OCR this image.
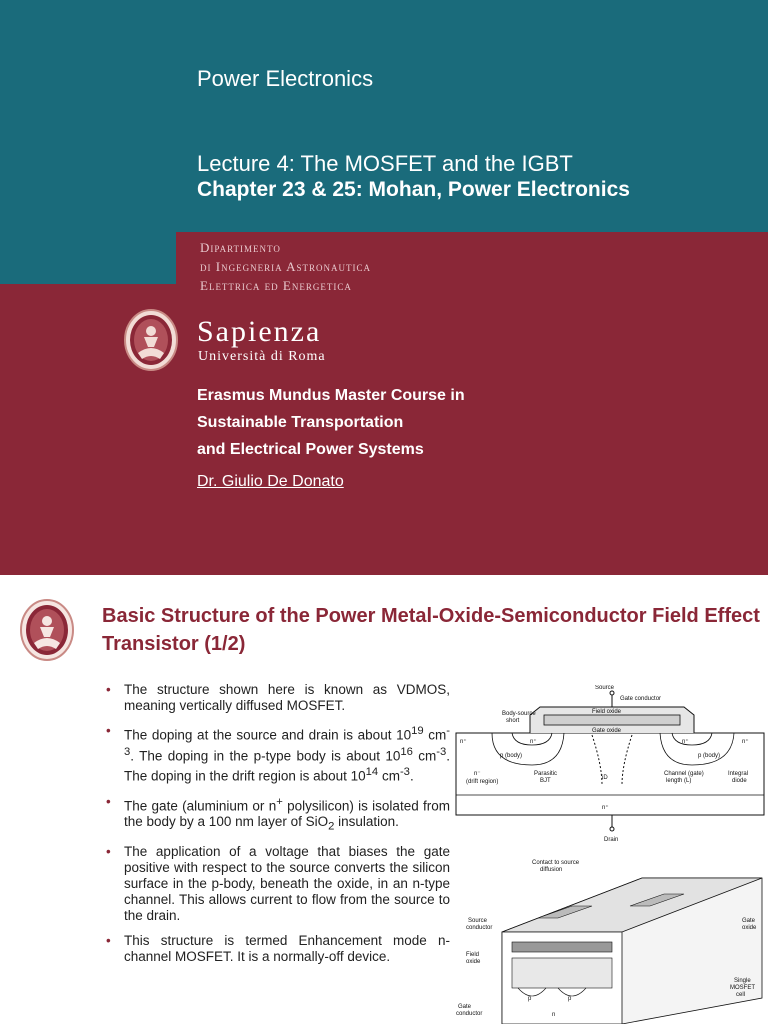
Power Electronics
Lecture 4: The MOSFET and the IGBT
Chapter 23 & 25: Mohan, Power Electronics
Dipartimento
di Ingegneria Astronautica
Elettrica ed Energetica
Sapienza
Università di Roma
Erasmus Mundus Master Course in
Sustainable Transportation
and Electrical Power Systems
Dr. Giulio De Donato
Basic Structure of the Power Metal-Oxide-Semiconductor Field Effect Transistor (1/2)
• The structure shown here is known as VDMOS, meaning vertically diffused MOSFET.
• The doping at the source and drain is about $10^{19}$ $cm^{-3}$. The doping in the p-type body is about $10^{16}$ $cm^{-3}$. The doping in the drift region is about $10^{14}$ $cm^{-3}$.
• The gate (aluminium or n+ polysilicon) is isolated from the body by a 100 nm layer of SiO$_2$ insulation.
• The application of a voltage that biases the gate positive with respect to the source converts the silicon surface in the p-body, beneath the oxide, in an n-type channel. This allows current to flow from the source to the drain.
• This structure is termed Enhancement mode n-channel MOSFET. It is a normally-off device.
Source
Gate conductor
Field oxide
Gate oxide
Body-source
short
n⁺	n⁺	n⁺	n⁺
p (body)	p (body)
n⁻
(drift region)
Parasitic
BJT	iD
Channel (gate)
length (L)
Integral
diode
n⁺
Drain
Contact to source
diffusion
Source
conductor
Field
oxide
Gate
oxide
Single
MOSFET
cell
Gate
conductor
p	p
n
